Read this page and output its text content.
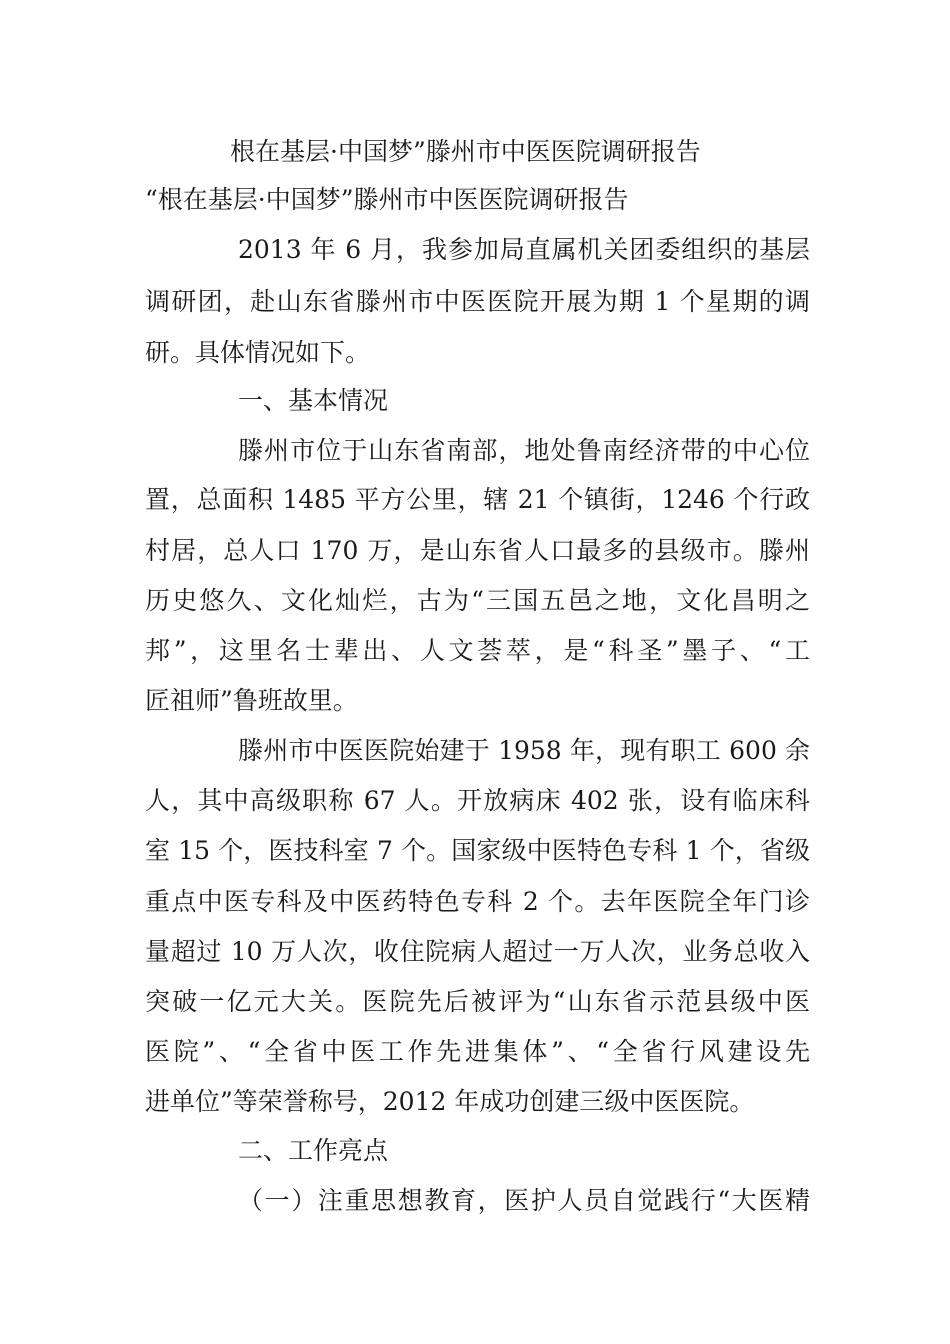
根在基层·中国梦”滕州市中医医院调研报告
“根在基层·中国梦”滕州市中医医院调研报告
2013 年 6 月，我参加局直属机关团委组织的基层
调研团，赴山东省滕州市中医医院开展为期 1 个星期的调
研。具体情况如下。
一、基本情况
滕州市位于山东省南部，地处鲁南经济带的中心位
置，总面积 1485 平方公里，辖 21 个镇街，1246 个行政
村居，总人口 170 万，是山东省人口最多的县级市。滕州
历史悠久、文化灿烂，古为“三国五邑之地，文化昌明之
邦”，这里名士辈出、人文荟萃，是“科圣”墨子、“工
匠祖师”鲁班故里。
滕州市中医医院始建于 1958 年，现有职工 600 余
人，其中高级职称 67 人。开放病床 402 张，设有临床科
室 15 个，医技科室 7 个。国家级中医特色专科 1 个，省级
重点中医专科及中医药特色专科 2 个。去年医院全年门诊
量超过 10 万人次，收住院病人超过一万人次，业务总收入
突破一亿元大关。医院先后被评为“山东省示范县级中医
医院”、“全省中医工作先进集体”、“全省行风建设先
进单位”等荣誉称号，2012 年成功创建三级中医医院。
二、工作亮点
（一）注重思想教育，医护人员自觉践行“大医精
